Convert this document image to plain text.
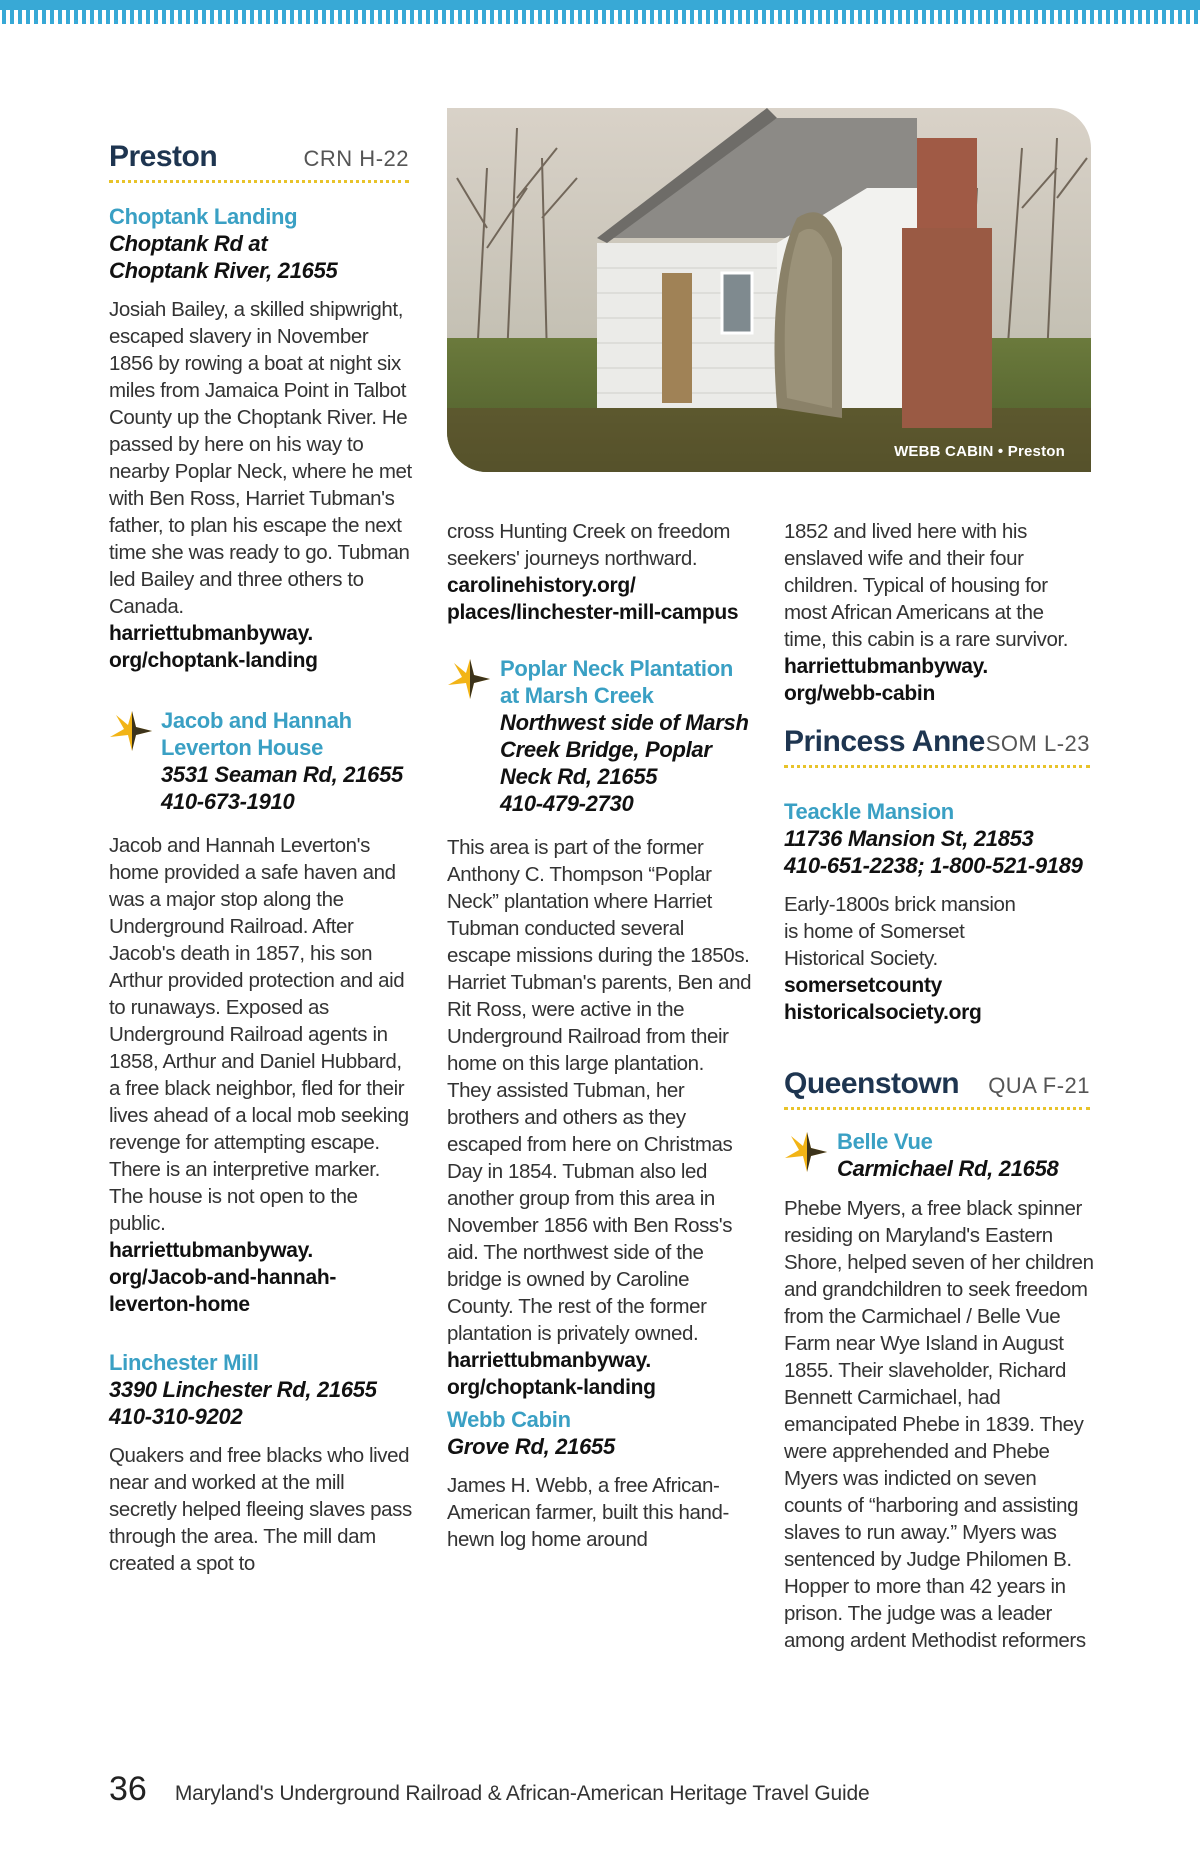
Preston	CRN H-22
Choptank Landing
Choptank Rd at
Choptank River, 21655
Josiah Bailey, a skilled shipwright, escaped slavery in November 1856 by rowing a boat at night six miles from Jamaica Point in Talbot County up the Choptank River. He passed by here on his way to nearby Poplar Neck, where he met with Ben Ross, Harriet Tubman's father, to plan his escape the next time she was ready to go. Tubman led Bailey and three others to Canada.
harriettubmanbyway.
org/choptank-landing
Jacob and Hannah
Leverton House
3531 Seaman Rd, 21655
410-673-1910
Jacob and Hannah Leverton's home provided a safe haven and was a major stop along the Underground Railroad. After Jacob's death in 1857, his son Arthur provided protection and aid to runaways. Exposed as Underground Railroad agents in 1858, Arthur and Daniel Hubbard, a free black neighbor, fled for their lives ahead of a local mob seeking revenge for attempting escape. There is an interpretive marker. The house is not open to the public.
harriettubmanbyway.
org/Jacob-and-hannah-
leverton-home
Linchester Mill
3390 Linchester Rd, 21655
410-310-9202
Quakers and free blacks who lived near and worked at the mill secretly helped fleeing slaves pass through the area. The mill dam created a spot to
WEBB CABIN • Preston
cross Hunting Creek on freedom seekers' journeys northward.
carolinehistory.org/
places/linchester-mill-campus
Poplar Neck Plantation
at Marsh Creek
Northwest side of Marsh
Creek Bridge, Poplar
Neck Rd, 21655
410-479-2730
This area is part of the former Anthony C. Thompson “Poplar Neck” plantation where Harriet Tubman conducted several escape missions during the 1850s. Harriet Tubman's parents, Ben and Rit Ross, were active in the Underground Railroad from their home on this large plantation. They assisted Tubman, her brothers and others as they escaped from here on Christmas Day in 1854. Tubman also led another group from this area in November 1856 with Ben Ross's aid. The northwest side of the bridge is owned by Caroline County. The rest of the former plantation is privately owned.
harriettubmanbyway.
org/choptank-landing
Webb Cabin
Grove Rd, 21655
James H. Webb, a free African-American farmer, built this hand-hewn log home around
1852 and lived here with his enslaved wife and their four children. Typical of housing for most African Americans at the time, this cabin is a rare survivor.
harriettubmanbyway.
org/webb-cabin
Princess Anne SOM L-23
Teackle Mansion
11736 Mansion St, 21853
410-651-2238; 1-800-521-9189
Early-1800s brick mansion is home of Somerset Historical Society.
somersetcounty
historicalsociety.org
Queenstown QUA F-21
Belle Vue
Carmichael Rd, 21658
Phebe Myers, a free black spinner residing on Maryland's Eastern Shore, helped seven of her children and grandchildren to seek freedom from the Carmichael / Belle Vue Farm near Wye Island in August 1855. Their slaveholder, Richard Bennett Carmichael, had emancipated Phebe in 1839. They were apprehended and Phebe Myers was indicted on seven counts of “harboring and assisting slaves to run away.” Myers was sentenced by Judge Philomen B. Hopper to more than 42 years in prison. The judge was a leader among ardent Methodist reformers
36 Maryland's Underground Railroad & African-American Heritage Travel Guide
